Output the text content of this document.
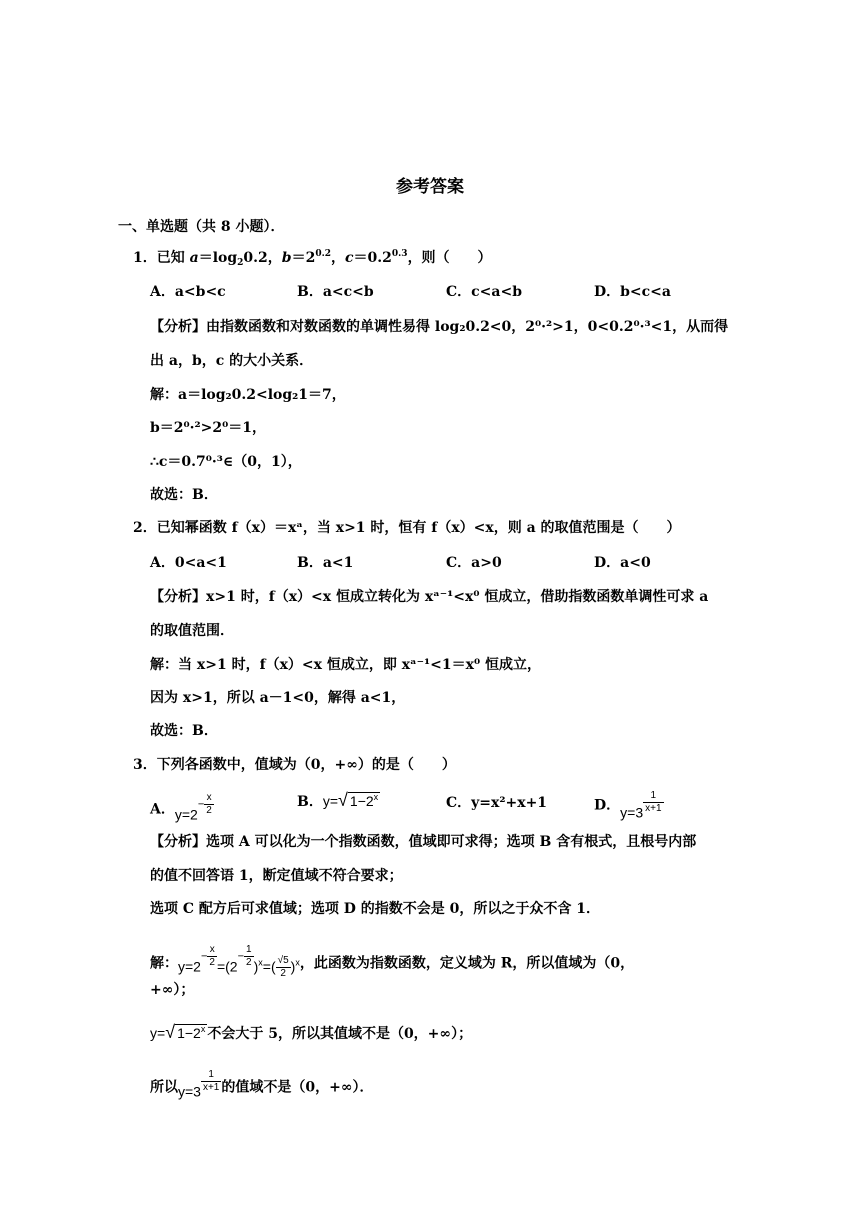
参考答案
一、单选题（共 8 小题）．
1．已知 $a=\log_20.2$，$b=2^{0.2}$，$c=0.2^{0.3}$，则（　　）
A．a<b<c	B．a<c<b	C．c<a<b	D．b<c<a
【分析】由指数函数和对数函数的单调性易得 log₂0.2<0，2⁰·²>1，0<0.2⁰·³<1，从而得
出 a，b，c 的大小关系．
解：a＝log₂0.2<log₂1＝7，
b＝2⁰·²>2⁰＝1，
∴c＝0.7⁰·³∈（0，1），
故选：B．
2．已知幂函数 f（x）＝xᵃ，当 x>1 时，恒有 f（x）<x，则 a 的取值范围是（　　）
A．0<a<1	B．a<1	C．a>0	D．a<0
【分析】x>1 时，f（x）<x 恒成立转化为 xᵃ⁻¹<x⁰ 恒成立，借助指数函数单调性可求 a
的取值范围．
解：当 x>1 时，f（x）<x 恒成立，即 xᵃ⁻¹<1＝x⁰ 恒成立，
因为 x>1，所以 a－1<0，解得 a<1，
故选：B．
3．下列各函数中，值域为（0，+∞）的是（　　）
A．$y=2- \frac{x}{2}$	B．y=√ $1-2^x$	C．y=x²+x+1	D．$y=3 \frac{1}{x+1}$
【分析】选项 A 可以化为一个指数函数，值域即可求得；选项 B 含有根式，且根号内部
的值不回答语 1，断定值域不符合要求；
选项 C 配方后可求值域；选项 D 的指数不会是 0，所以之于众不含 1．
解：$y=2- \frac{x}{2} =(2- \frac{1}{2} )^x=( \frac{√5}{2} )^x$，此函数为指数函数，定义域为 R，所以值域为（0，
+∞）；
y=√ $1-2^x$ 不会大于 5，所以其值域不是（0，+∞）；
所以$y=3 \frac{1}{x+1}$ 的值域不是（0，+∞）．
